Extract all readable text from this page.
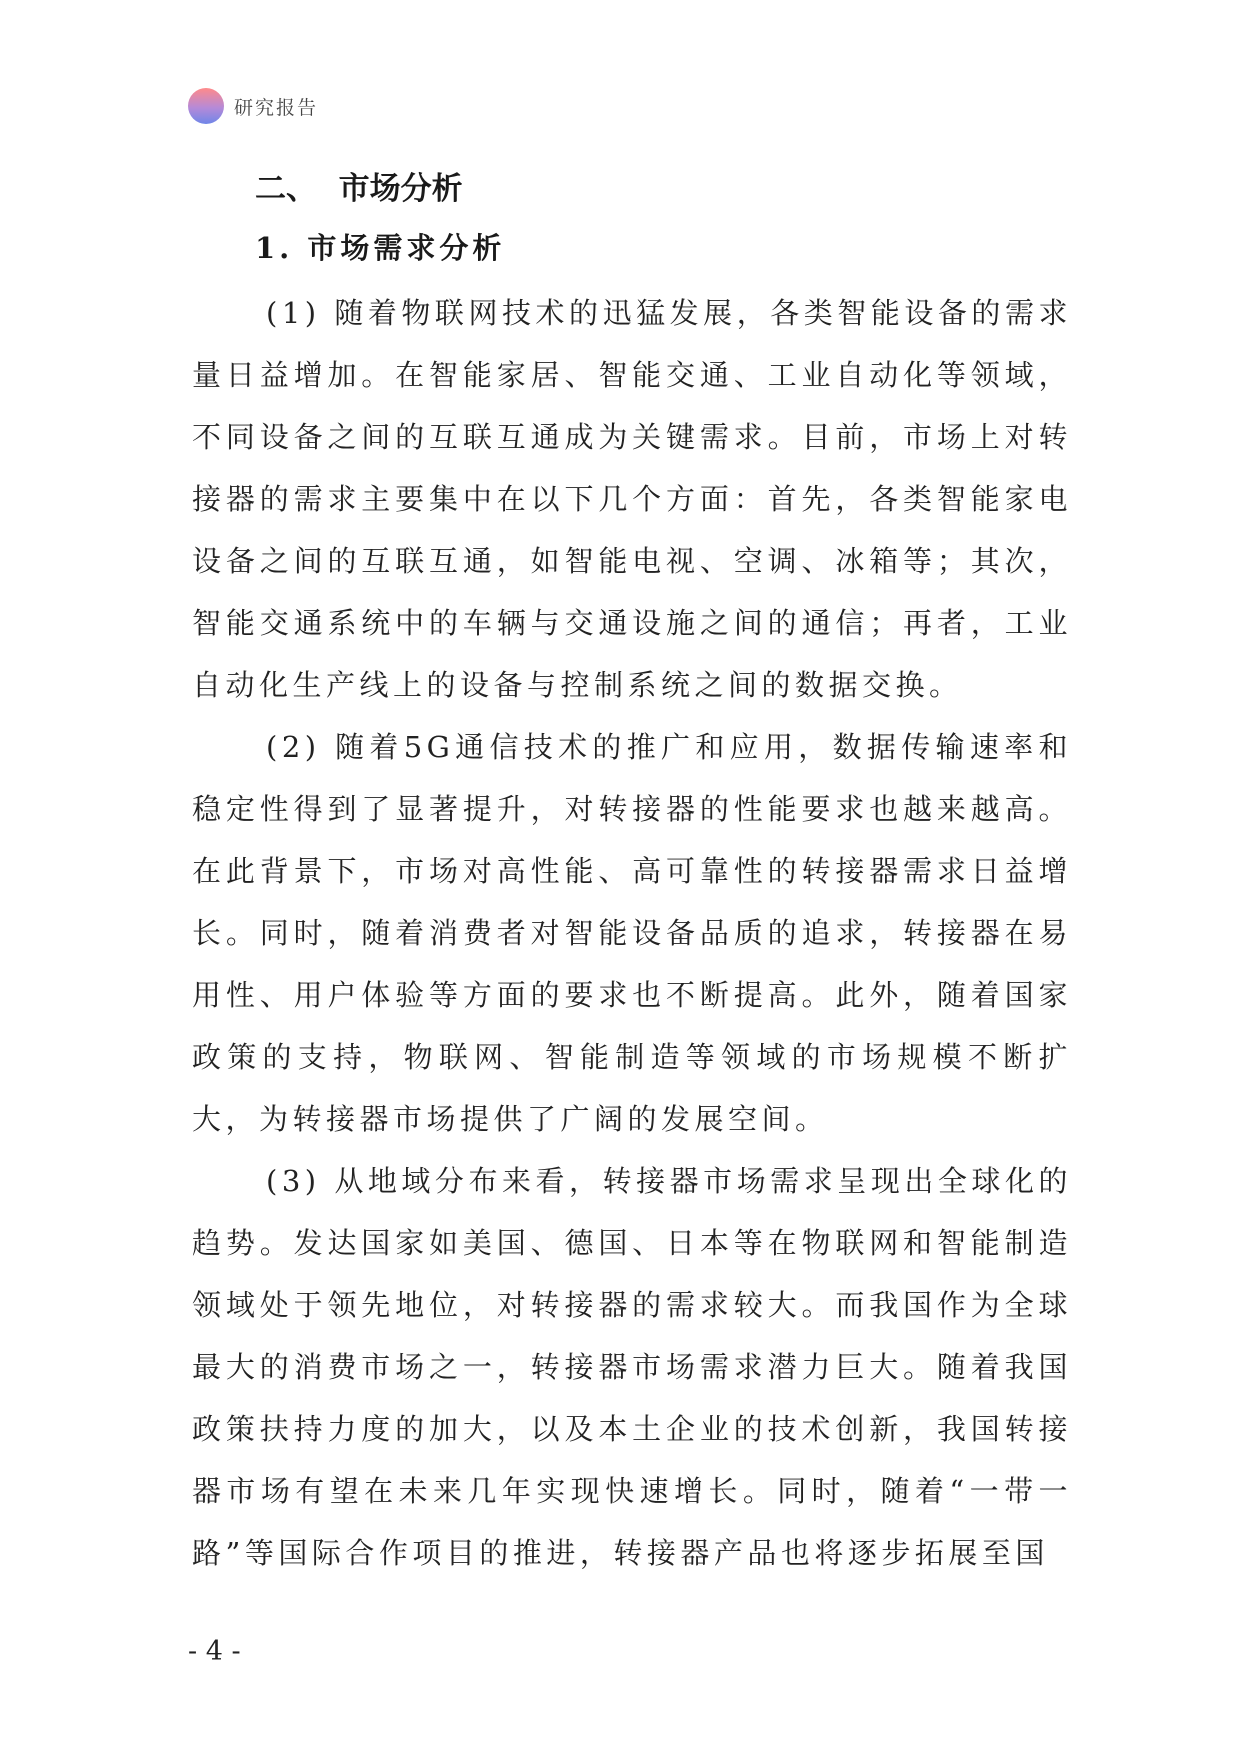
研究报告
二、  市场分析
1. 市场需求分析

(1) 随着物联网技术的迅猛发展，各类智能设备的需求量日益增加。在智能家居、智能交通、工业自动化等领域，不同设备之间的互联互通成为关键需求。目前，市场上对转接器的需求主要集中在以下几个方面：首先，各类智能家电设备之间的互联互通，如智能电视、空调、冰箱等；其次，智能交通系统中的车辆与交通设施之间的通信；再者，工业自动化生产线上的设备与控制系统之间的数据交换。

(2) 随着5G通信技术的推广和应用，数据传输速率和稳定性得到了显著提升，对转接器的性能要求也越来越高。在此背景下，市场对高性能、高可靠性的转接器需求日益增长。同时，随着消费者对智能设备品质的追求，转接器在易用性、用户体验等方面的要求也不断提高。此外，随着国家政策的支持，物联网、智能制造等领域的市场规模不断扩大，为转接器市场提供了广阔的发展空间。

(3) 从地域分布来看，转接器市场需求呈现出全球化的趋势。发达国家如美国、德国、日本等在物联网和智能制造领域处于领先地位，对转接器的需求较大。而我国作为全球最大的消费市场之一，转接器市场需求潜力巨大。随着我国政策扶持力度的加大，以及本土企业的技术创新，我国转接器市场有望在未来几年实现快速增长。同时，随着“一带一路”等国际合作项目的推进，转接器产品也将逐步拓展至国

- 4 -
